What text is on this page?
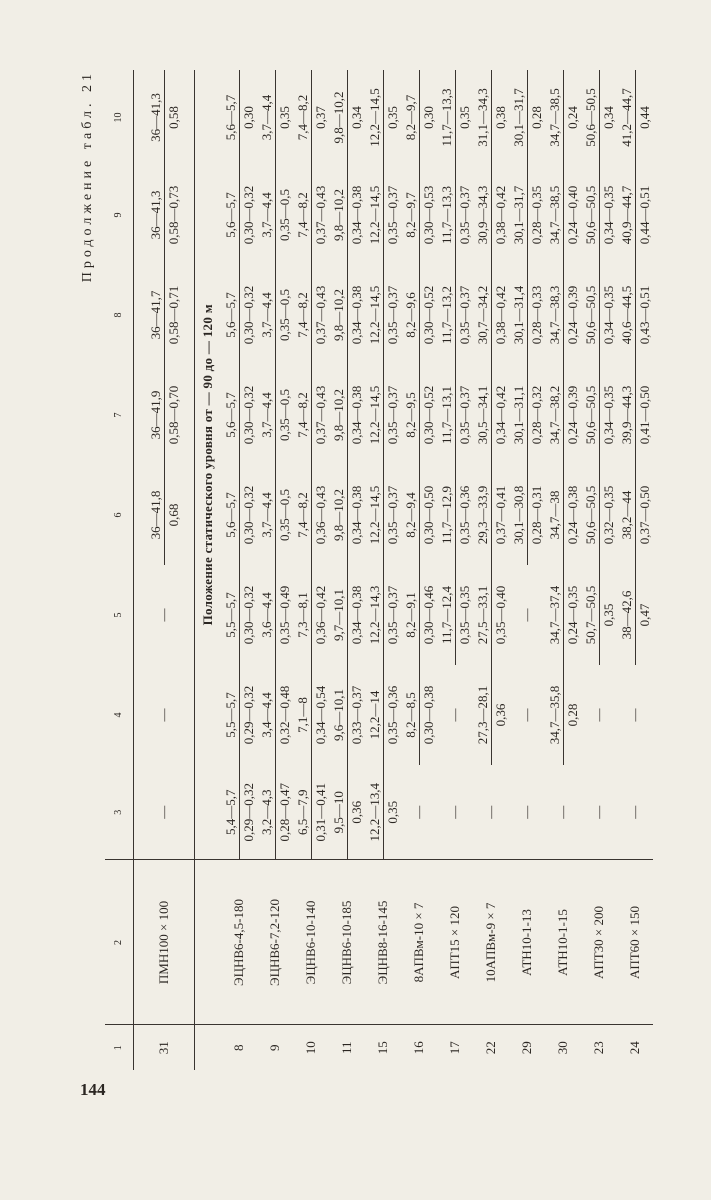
144
Продолжение табл. 21
1	2	3	4	5	6	7	8	9	10
31	ПМН100 × 100	—	—	—	36—41,8 0,68	36—41,9 0,58—0,70	36—41,7 0,58—0,71	36—41,3 0,58—0,73	36—41,3 0,58

		Положение статического уровня от — 90 до — 120 м							
8	ЭЦНВ6-4,5-180	5,4—5,7 0,29—0,32	5,5—5,7 0,29—0,32	5,5—5,7 0,30—0,32	5,6—5,7 0,30—0,32	5,6—5,7 0,30—0,32	5,6—5,7 0,30—0,32	5,6—5,7 0,30—0,32	5,6—5,7 0,30

9	ЭЦНВ6-7,2-120	3,2—4,3 0,28—0,47	3,4—4,4 0,32—0,48	3,6—4,4 0,35—0,49	3,7—4,4 0,35—0,5	3,7—4,4 0,35—0,5	3,7—4,4 0,35—0,5	3,7—4,4 0,35—0,5	3,7—4,4 0,35

10	ЭЦНВ6-10-140	6,5—7,9 0,31—0,41	7,1—8 0,34—0,54	7,3—8,1 0,36—0,42	7,4—8,2 0,36—0,43	7,4—8,2 0,37—0,43	7,4—8,2 0,37—0,43	7,4—8,2 0,37—0,43	7,4—8,2 0,37

11	ЭЦНВ6-10-185	9,5—10 0,36	9,6—10,1 0,33—0,37	9,7—10,1 0,34—0,38	9,8—10,2 0,34—0,38	9,8—10,2 0,34—0,38	9,8—10,2 0,34—0,38	9,8—10,2 0,34—0,38	9,8—10,2 0,34

15	ЭЦНВ8-16-145	12,2—13,4 0,35	12,2—14 0,35—0,36	12,2—14,3 0,35—0,37	12,2—14,5 0,35—0,37	12,2—14,5 0,35—0,37	12,2—14,5 0,35—0,37	12,2—14,5 0,35—0,37	12,2—14,5 0,35

16	8АПВм-10 × 7	—	8,2—8,5 0,30—0,38	8,2—9,1 0,30—0,46	8,2—9,4 0,30—0,50	8,2—9,5 0,30—0,52	8,2—9,6 0,30—0,52	8,2—9,7 0,30—0,53	8,2—9,7 0,30

17	АПТ15 × 120	—	—	11,7—12,4 0,35—0,35	11,7—12,9 0,35—0,36	11,7—13,1 0,35—0,37	11,7—13,2 0,35—0,37	11,7—13,3 0,35—0,37	11,7—13,3 0,35

22	10АПВм-9 × 7	—	27,3—28,1 0,36	27,5—33,1 0,35—0,40	29,3—33,9 0,37—0,41	30,5—34,1 0,34—0,42	30,7—34,2 0,38—0,42	30,9—34,3 0,38—0,42	31,1—34,3 0,38

29	АТН10-1-13	—	—	—	30,1—30,8 0,28—0,31	30,1—31,1 0,28—0,32	30,1—31,4 0,28—0,33	30,1—31,7 0,28—0,35	30,1—31,7 0,28

30	АТН10-1-15	—	34,7—35,8 0,28	34,7—37,4 0,24—0,35	34,7—38 0,24—0,38	34,7—38,2 0,24—0,39	34,7—38,3 0,24—0,39	34,7—38,5 0,24—0,40	34,7—38,5 0,24

23	АПТ30 × 200	—	—	50,7—50,5 0,35	50,6—50,5 0,32—0,35	50,6—50,5 0,34—0,35	50,6—50,5 0,34—0,35	50,6—50,5 0,34—0,35	50,6—50,5 0,34

24	АПТ60 × 150	—	—	38—42,6 0,47	38,2—44 0,37—0,50	39,9—44,3 0,41—0,50	40,6—44,5 0,43—0,51	40,9—44,7 0,44—0,51	41,2—44,7 0,44
